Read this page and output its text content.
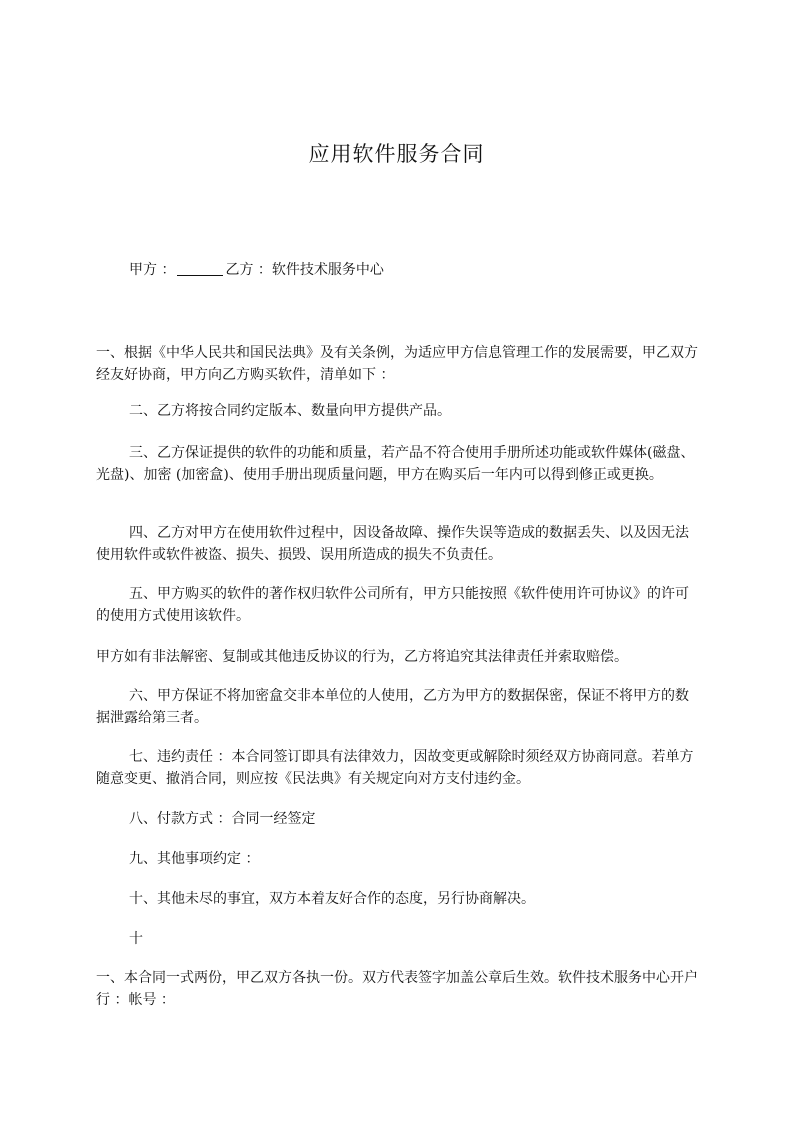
应用软件服务合同

甲方 ：	乙方 ：软件技术服务中心

一、根据《中华人民共和国民法典》及有关条例，为适应甲方信息管理工作的发展需要，甲乙双方经友好协商，甲方向乙方购买软件，清单如下 ：

二、乙方将按合同约定版本、数量向甲方提供产品。

三、乙方保证提供的软件的功能和质量，若产品不符合使用手册所述功能或软件媒体(磁盘、光盘)、加密 (加密盒)、使用手册出现质量问题，甲方在购买后一年内可以得到修正或更换。

四、乙方对甲方在使用软件过程中，因设备故障、操作失误等造成的数据丢失、以及因无法使用软件或软件被盗、损失、损毁、误用所造成的损失不负责任。

五、甲方购买的软件的著作权归软件公司所有，甲方只能按照《软件使用许可协议》的许可的使用方式使用该软件。

甲方如有非法解密、复制或其他违反协议的行为，乙方将追究其法律责任并索取赔偿。

六、甲方保证不将加密盒交非本单位的人使用，乙方为甲方的数据保密，保证不将甲方的数据泄露给第三者。

七、违约责任 ：本合同签订即具有法律效力，因故变更或解除时须经双方协商同意。若单方随意变更、撤消合同，则应按《民法典》有关规定向对方支付违约金。

八、付款方式 ：合同一经签定

九、其他事项约定 ：

十、其他未尽的事宜，双方本着友好合作的态度，另行协商解决。

十

一、本合同一式两份，甲乙双方各执一份。双方代表签字加盖公章后生效。软件技术服务中心开户行 ：帐号 ：
